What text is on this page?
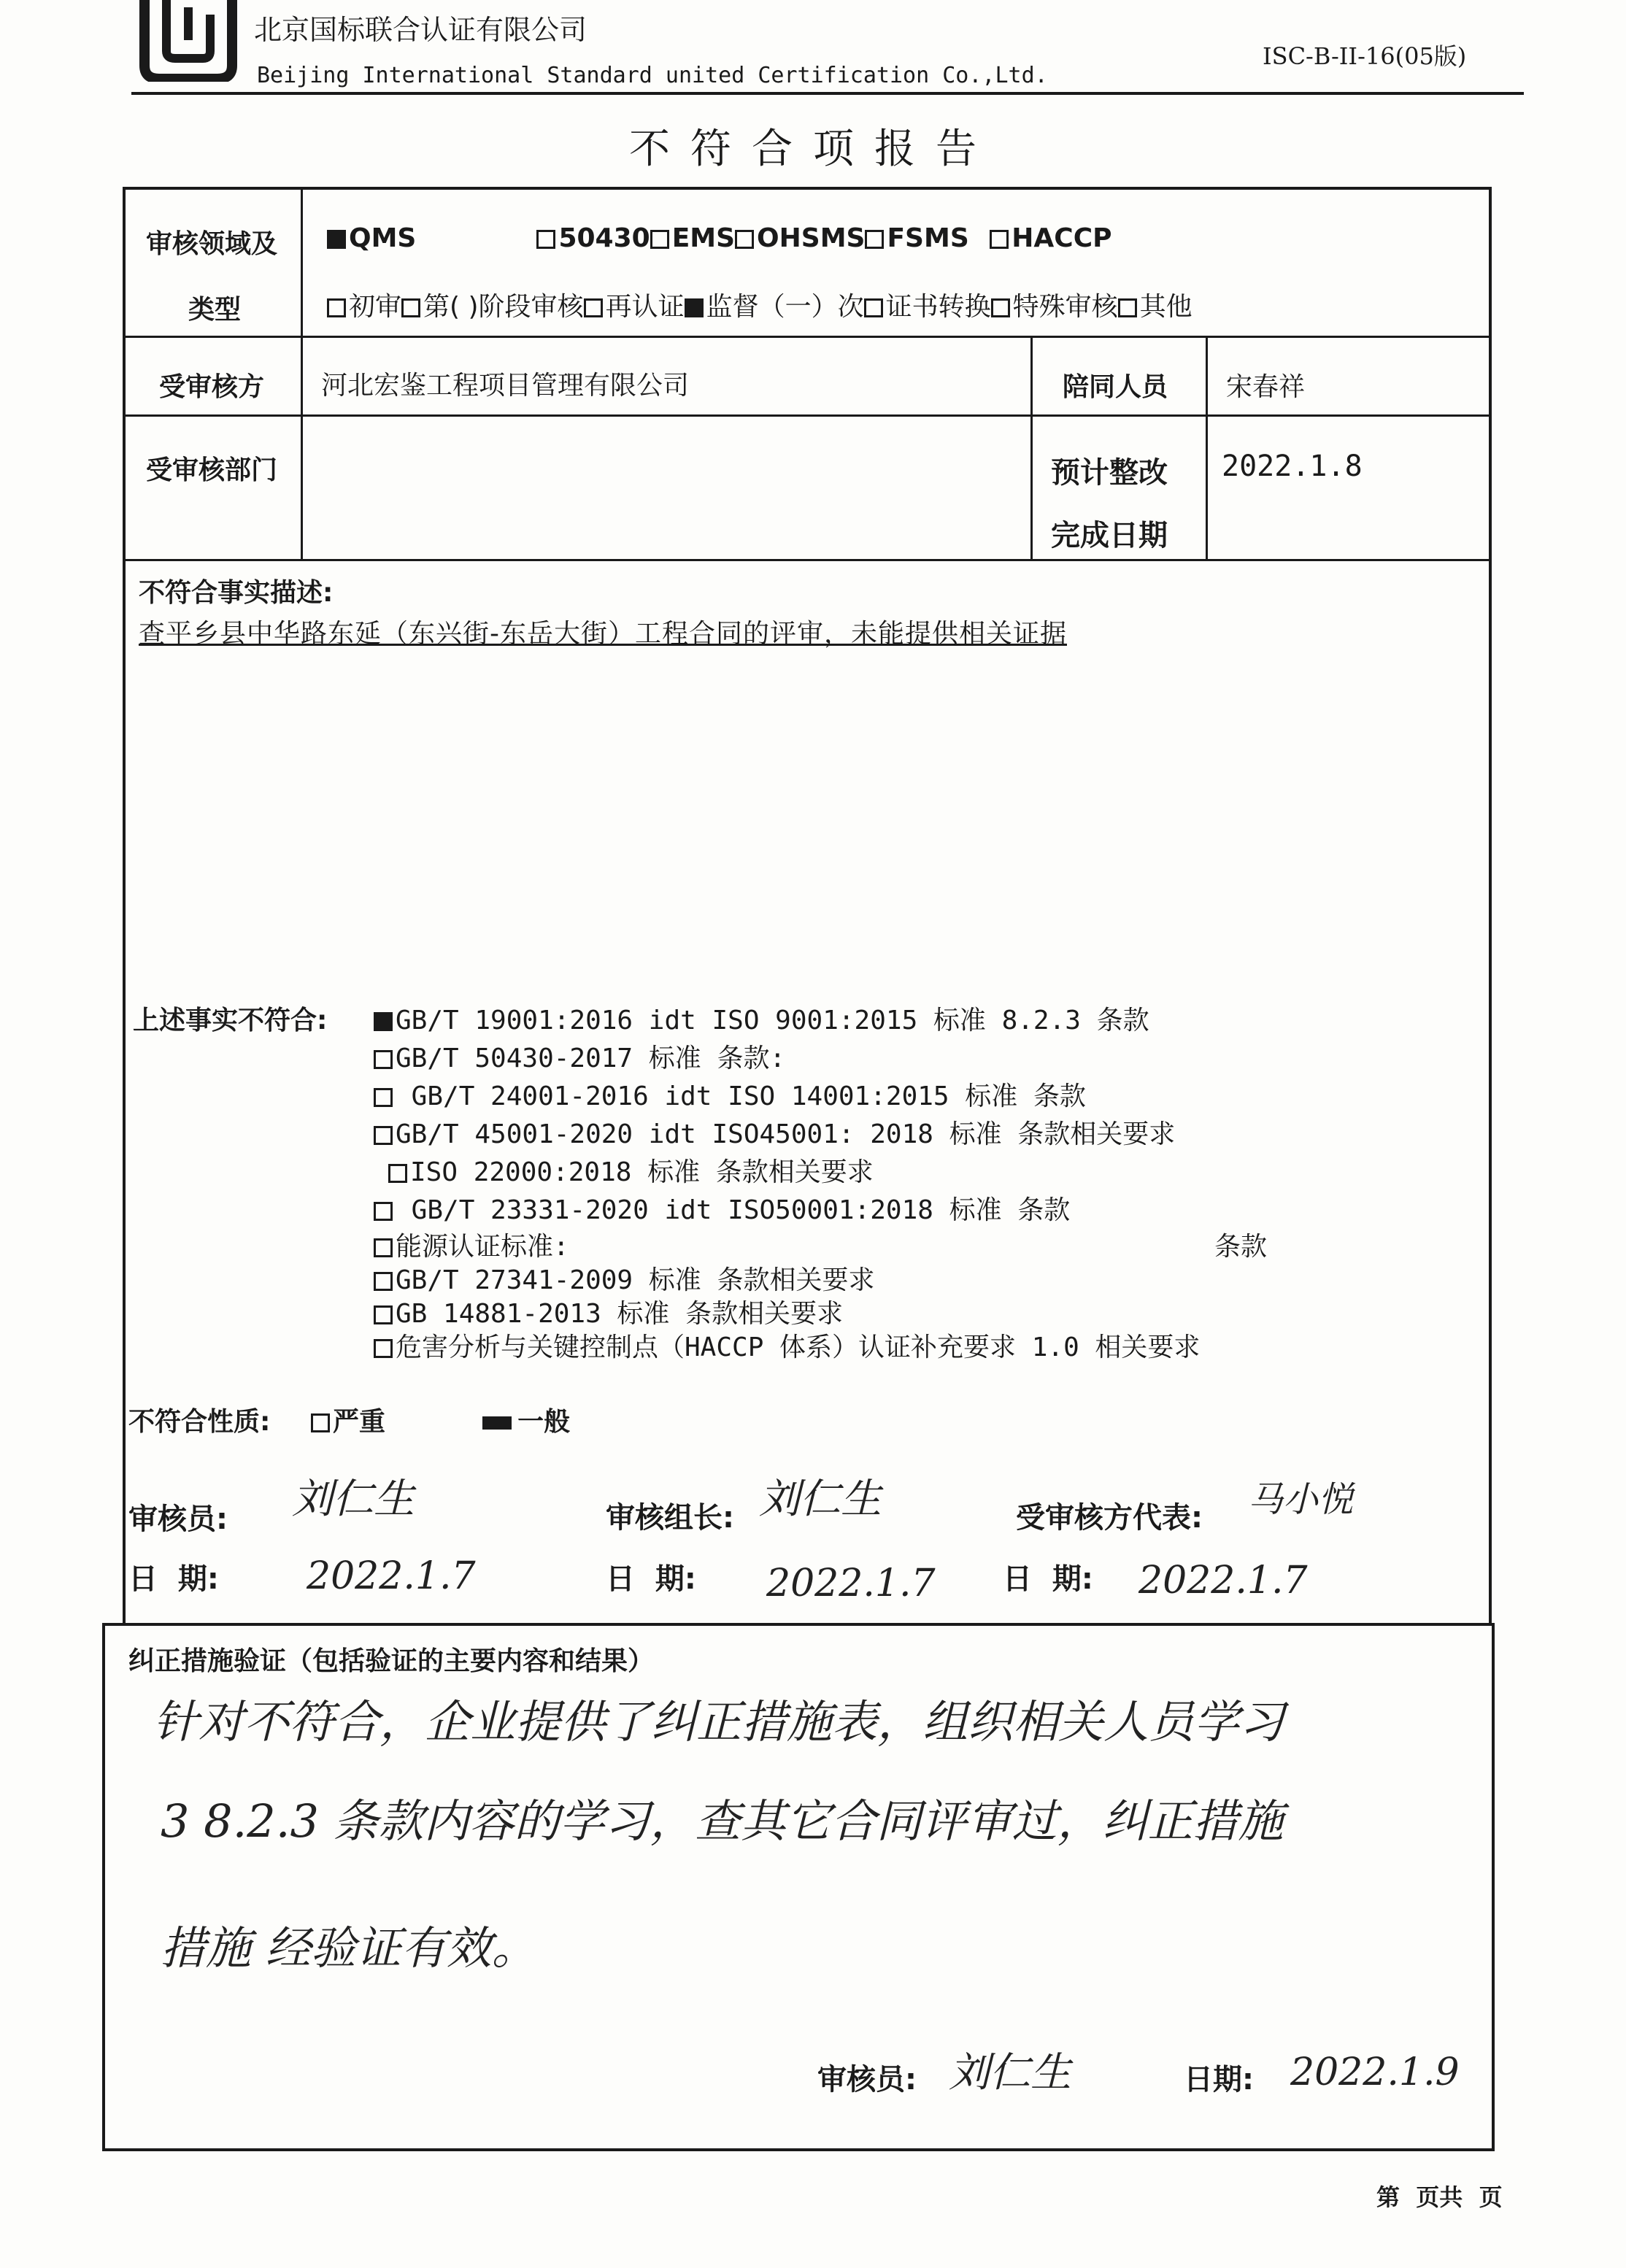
北京国标联合认证有限公司
Beijing International Standard united Certification Co.,Ltd.
ISC-B-II-16(05版)
不符合项报告
审核领域及
类型
QMS	50430 EMS OHSMS FSMS HACCP
初审 第( )阶段审核 再认证 监督（一）次 证书转换 特殊审核 其他
受审核方 河北宏鉴工程项目管理有限公司	陪同人员 宋春祥
受审核部门	预计整改
完成日期
2022.1.8
不符合事实描述:
查平乡县中华路东延（东兴街-东岳大街）工程合同的评审，未能提供相关证据
上述事实不符合:	GB/T 19001:2016 idt ISO 9001:2015 标准 8.2.3 条款
GB/T 50430-2017 标准 条款:
GB/T 24001-2016 idt ISO 14001:2015 标准 条款
GB/T 45001-2020 idt ISO45001: 2018 标准 条款相关要求
ISO 22000:2018 标准 条款相关要求
GB/T 23331-2020 idt ISO50001:2018 标准 条款
能源认证标准:	条款
GB/T 27341-2009 标准 条款相关要求
GB 14881-2013 标准 条款相关要求
危害分析与关键控制点（HACCP 体系）认证补充要求 1.0 相关要求
不符合性质:	严重	一般
审核员: 刘仁生	审核组长: 刘仁生	受审核方代表: 马小悦
日  期: 2022.1.7	日  期: 2022.1.7 日  期: 2022.1.7
纠正措施验证（包括验证的主要内容和结果）
针对不符合，企业提供了纠正措施表，组织相关人员学习
3 8.2.3 条款内容的学习，查其它合同评审过，纠正措施
措施 经验证有效。
审核员: 刘仁生	日期: 2022.1.9
第  页共  页
